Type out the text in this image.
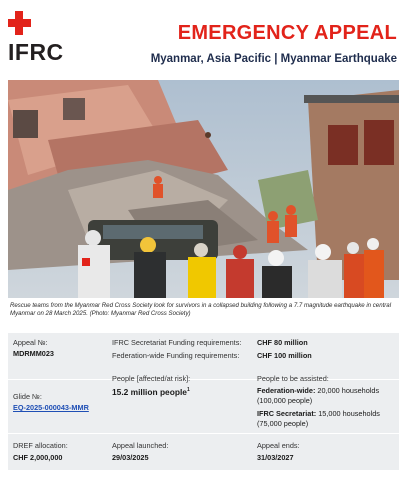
IFRC
EMERGENCY APPEAL
Myanmar, Asia Pacific | Myanmar Earthquake
Rescue teams from the Myanmar Red Cross Society look for survivors in a collapsed building following a 7.7 magnitude earthquake in central Myanmar on 28 March 2025. (Photo: Myanmar Red Cross Society)
Appeal №:
MDRMM023
IFRC Secretariat Funding requirements: CHF 80 million
Federation-wide Funding requirements: CHF 100 million
Glide №:
EQ-2025-000043-MMR
People [affected/at risk]:
15.2 million people$^1$
People to be assisted:
Federation-wide: 20,000 households (100,000 people)
IFRC Secretariat: 15,000 households (75,000 people)
DREF allocation:
CHF 2,000,000
Appeal launched:
29/03/2025
Appeal ends:
31/03/2027
